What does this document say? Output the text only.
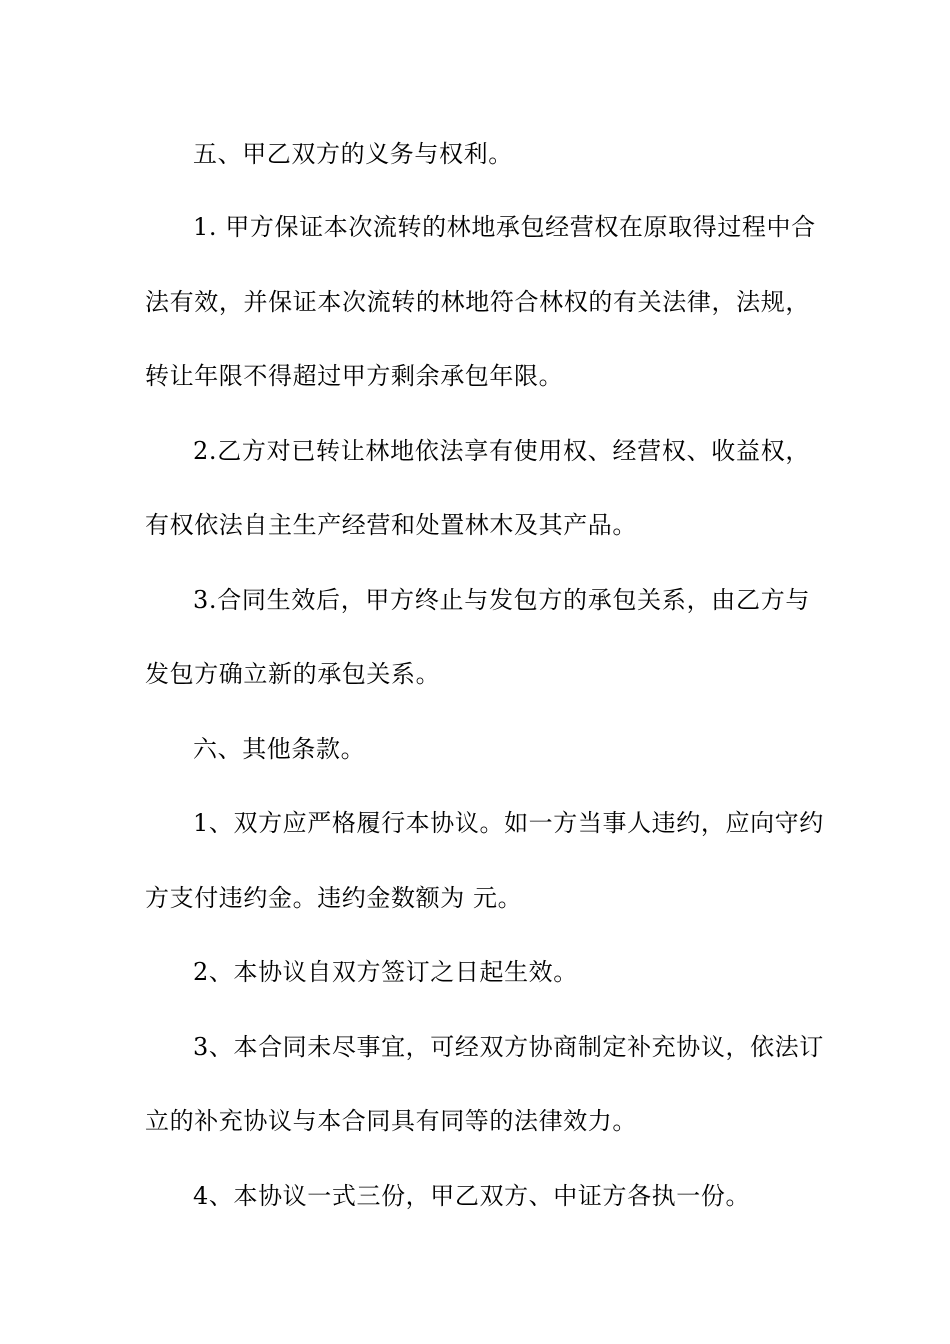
五、甲乙双方的义务与权利。
1. 甲方保证本次流转的林地承包经营权在原取得过程中合
法有效，并保证本次流转的林地符合林权的有关法律，法规，
转让年限不得超过甲方剩余承包年限。
2.乙方对已转让林地依法享有使用权、经营权、收益权，
有权依法自主生产经营和处置林木及其产品。
3.合同生效后，甲方终止与发包方的承包关系，由乙方与
发包方确立新的承包关系。
六、其他条款。
1、双方应严格履行本协议。如一方当事人违约，应向守约
方支付违约金。违约金数额为 元。
2、本协议自双方签订之日起生效。
3、本合同未尽事宜，可经双方协商制定补充协议，依法订
立的补充协议与本合同具有同等的法律效力。
4、本协议一式三份，甲乙双方、中证方各执一份。
